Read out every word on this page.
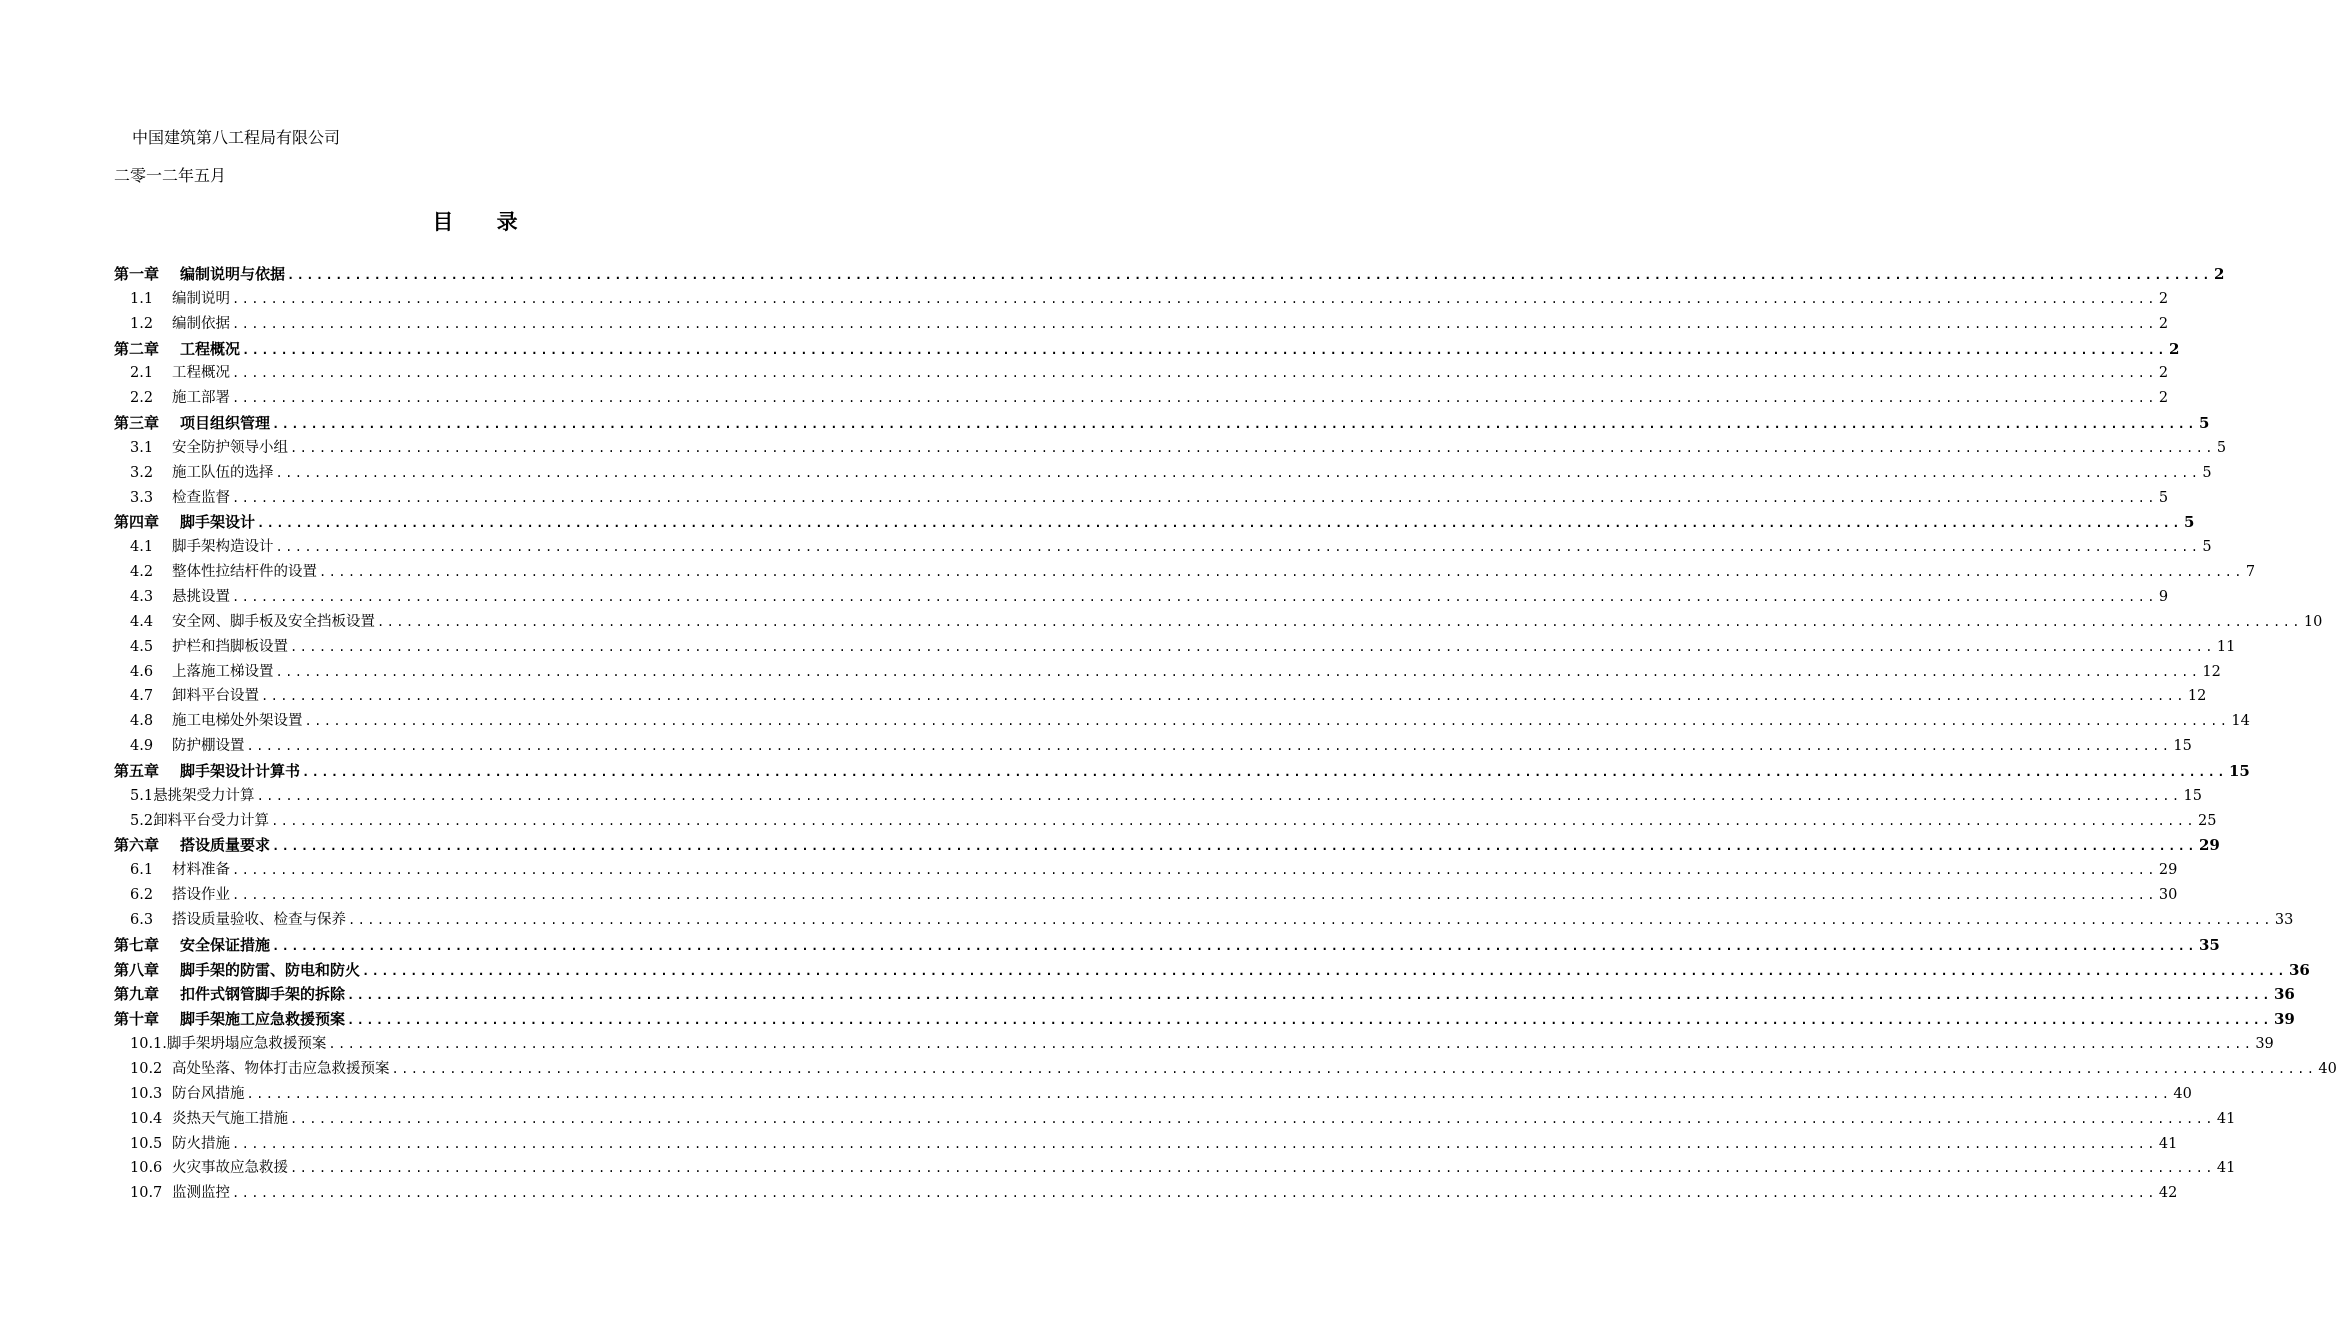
中国建筑第八工程局有限公司
二零一二年五月
目 录
第一章 编制说明与依据 ........................................................................................................................................................................................................ 2
1.1 编制说明 ........................................................................................................................................................................................................ 2
1.2 编制依据 ........................................................................................................................................................................................................ 2
第二章 工程概况 ........................................................................................................................................................................................................ 2
2.1 工程概况 ........................................................................................................................................................................................................ 2
2.2 施工部署 ........................................................................................................................................................................................................ 2
第三章 项目组织管理 ........................................................................................................................................................................................................ 5
3.1 安全防护领导小组 ........................................................................................................................................................................................................ 5
3.2 施工队伍的选择 ........................................................................................................................................................................................................ 5
3.3 检查监督 ........................................................................................................................................................................................................ 5
第四章 脚手架设计 ........................................................................................................................................................................................................ 5
4.1 脚手架构造设计 ........................................................................................................................................................................................................ 5
4.2 整体性拉结杆件的设置 ........................................................................................................................................................................................................ 7
4.3 悬挑设置 ........................................................................................................................................................................................................ 9
4.4 安全网、脚手板及安全挡板设置 ........................................................................................................................................................................................................ 10
4.5 护栏和挡脚板设置 ........................................................................................................................................................................................................ 11
4.6 上落施工梯设置 ........................................................................................................................................................................................................ 12
4.7 卸料平台设置 ........................................................................................................................................................................................................ 12
4.8 施工电梯处外架设置 ........................................................................................................................................................................................................ 14
4.9 防护棚设置 ........................................................................................................................................................................................................ 15
第五章 脚手架设计计算书 ........................................................................................................................................................................................................ 15
5.1悬挑架受力计算 ........................................................................................................................................................................................................ 15
5.2卸料平台受力计算 ........................................................................................................................................................................................................ 25
第六章 搭设质量要求 ........................................................................................................................................................................................................ 29
6.1 材料准备 ........................................................................................................................................................................................................ 29
6.2 搭设作业 ........................................................................................................................................................................................................ 30
6.3 搭设质量验收、检查与保养 ........................................................................................................................................................................................................ 33
第七章 安全保证措施 ........................................................................................................................................................................................................ 35
第八章 脚手架的防雷、防电和防火 ........................................................................................................................................................................................................ 36
第九章 扣件式钢管脚手架的拆除 ........................................................................................................................................................................................................ 36
第十章 脚手架施工应急救援预案 ........................................................................................................................................................................................................ 39
10.1.脚手架坍塌应急救援预案 ........................................................................................................................................................................................................ 39
10.2 高处坠落、物体打击应急救援预案 ........................................................................................................................................................................................................ 40
10.3 防台风措施 ........................................................................................................................................................................................................ 40
10.4 炎热天气施工措施 ........................................................................................................................................................................................................ 41
10.5 防火措施 ........................................................................................................................................................................................................ 41
10.6 火灾事故应急救援 ........................................................................................................................................................................................................ 41
10.7 监测监控 ........................................................................................................................................................................................................ 42
